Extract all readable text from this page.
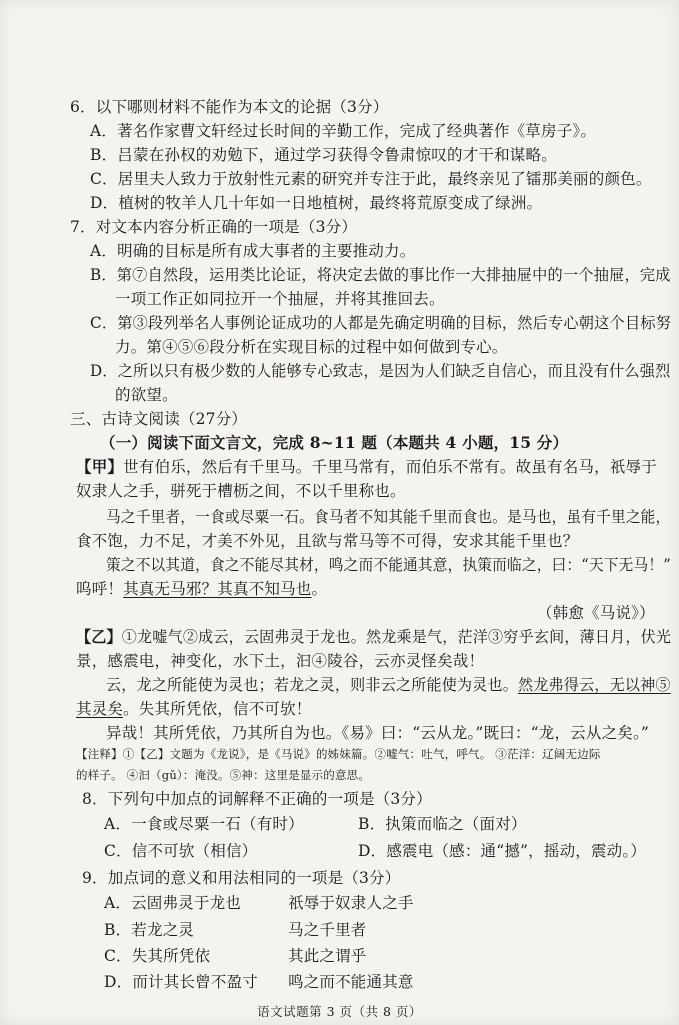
6．以下哪则材料不能作为本文的论据（3分）
A．著名作家曹文轩经过长时间的辛勤工作，完成了经典著作《草房子》。
B．吕蒙在孙权的劝勉下，通过学习获得令鲁肃惊叹的才干和谋略。
C．居里夫人致力于放射性元素的研究并专注于此，最终亲见了镭那美丽的颜色。
D．植树的牧羊人几十年如一日地植树，最终将荒原变成了绿洲。
7．对文本内容分析正确的一项是（3分）
A．明确的目标是所有成大事者的主要推动力。
B．第⑦自然段，运用类比论证，将决定去做的事比作一大排抽屉中的一个抽屉，完成
一项工作正如同拉开一个抽屉，并将其推回去。
C．第③段列举名人事例论证成功的人都是先确定明确的目标，然后专心朝这个目标努
力。第④⑤⑥段分析在实现目标的过程中如何做到专心。
D．之所以只有极少数的人能够专心致志，是因为人们缺乏自信心，而且没有什么强烈
的欲望。
三、古诗文阅读（27分）
（一）阅读下面文言文，完成 8~11 题（本题共 4 小题，15 分）
【甲】世有伯乐，然后有千里马。千里马常有，而伯乐不常有。故虽有名马，祇辱于
奴隶人之手，骈死于槽枥之间，不以千里称也。
马之千里者，一食或尽粟一石。食马者不知其能千里而食也。是马也，虽有千里之能，
食不饱，力不足，才美不外见，且欲与常马等不可得，安求其能千里也？
策之不以其道，食之不能尽其材，鸣之而不能通其意，执策而临之，曰：“天下无马！”
呜呼！其真无马邪？其真不知马也。
（韩愈《马说》）
【乙】①龙嘘气②成云，云固弗灵于龙也。然龙乘是气，茫洋③穷乎玄间，薄日月，伏光
景，感震电，神变化，水下土，汩④陵谷，云亦灵怪矣哉！
云，龙之所能使为灵也；若龙之灵，则非云之所能使为灵也。然龙弗得云，无以神⑤
其灵矣。失其所凭依，信不可欤！
异哉！其所凭依，乃其所自为也。《易》曰：“云从龙。”既曰：“龙，云从之矣。”
【注释】①【乙】文题为《龙说》，是《马说》的姊妹篇。②嘘气：吐气，呼气。 ③茫洋：辽阔无边际
的样子。 ④汩（gǔ）：淹没。⑤神：这里是显示的意思。
8．下列句中加点的词解释不正确的一项是（3分）
A．一食或尽粟一石（有时）	B．执策而临之（面对）
C．信不可欤（相信）	D．感震电（感：通“撼”，摇动，震动。）
9．加点词的意义和用法相同的一项是（3分）
A．云固弗灵于龙也	祇辱于奴隶人之手
B．若龙之灵	马之千里者
C．失其所凭依	其此之谓乎
D．而计其长曾不盈寸 鸣之而不能通其意
语文试题第 3 页（共 8 页）
